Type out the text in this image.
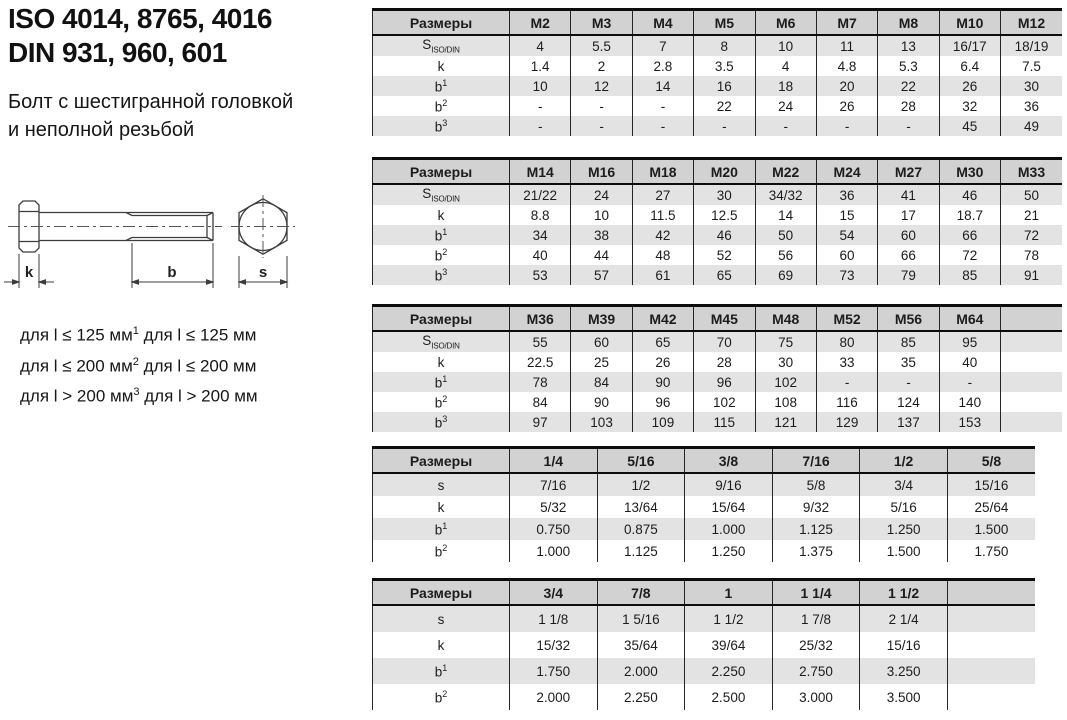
ISO 4014, 8765, 4016
DIN 931, 960, 601
Болт с шестигранной головкой
и неполной резьбой
k	b	s
для l ≤ 125 $мм^1$ для l ≤ 125 мм
для l ≤ 200 $мм^2$ для l ≤ 200 мм
для l > 200 $мм^3$ для l > 200 мм
Размеры	M2	M3	M4	M5	M6	M7	M8	M10	M12
$S_{ISO/DIN}$	4	5.5	7	8	10	11	13	16/17	18/19
k	1.4	2	2.8	3.5	4	4.8	5.3	6.4	7.5
$b^1$	10	12	14	16	18	20	22	26	30
$b^2$	-	-	-	22	24	26	28	32	36
$b^3$	-	-	-	-	-	-	-	45	49
Размеры	M14	M16	M18	M20	M22	M24	M27	M30	M33
$S_{ISO/DIN}$	21/22	24	27	30	34/32	36	41	46	50
k	8.8	10	11.5	12.5	14	15	17	18.7	21
$b^1$	34	38	42	46	50	54	60	66	72
$b^2$	40	44	48	52	56	60	66	72	78
$b^3$	53	57	61	65	69	73	79	85	91
Размеры	M36	M39	M42	M45	M48	M52	M56	M64	
$S_{ISO/DIN}$	55	60	65	70	75	80	85	95	
k	22.5	25	26	28	30	33	35	40	
$b^1$	78	84	90	96	102	-	-	-	
$b^2$	84	90	96	102	108	116	124	140	
$b^3$	97	103	109	115	121	129	137	153	
Размеры	1/4	5/16	3/8	7/16	1/2	5/8
s	7/16	1/2	9/16	5/8	3/4	15/16
k	5/32	13/64	15/64	9/32	5/16	25/64
$b^1$	0.750	0.875	1.000	1.125	1.250	1.500
$b^2$	1.000	1.125	1.250	1.375	1.500	1.750
Размеры	3/4	7/8	1	1 1/4	1 1/2	
s	1 1/8	1 5/16	1 1/2	1 7/8	2 1/4	
k	15/32	35/64	39/64	25/32	15/16	
$b^1$	1.750	2.000	2.250	2.750	3.250	
$b^2$	2.000	2.250	2.500	3.000	3.500	
